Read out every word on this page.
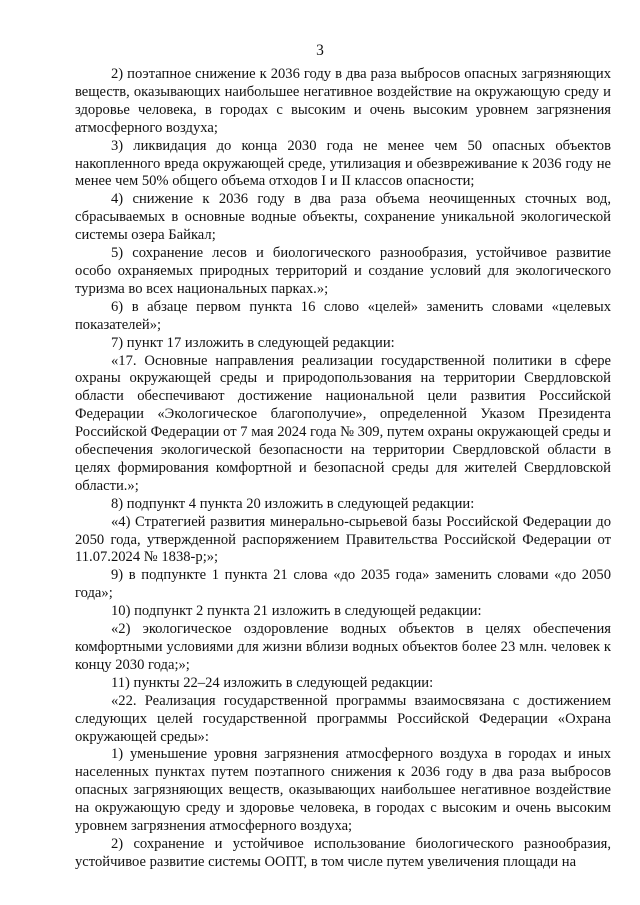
3

2) поэтапное снижение к 2036 году в два раза выбросов опасных загрязняющих веществ, оказывающих наибольшее негативное воздействие на окружающую среду и здоровье человека, в городах с высоким и очень высоким уровнем загрязнения атмосферного воздуха;

3) ликвидация до конца 2030 года не менее чем 50 опасных объектов накопленного вреда окружающей среде, утилизация и обезвреживание к 2036 году не менее чем 50% общего объема отходов I и II классов опасности;

4) снижение к 2036 году в два раза объема неочищенных сточных вод, сбрасываемых в основные водные объекты, сохранение уникальной экологической системы озера Байкал;

5) сохранение лесов и биологического разнообразия, устойчивое развитие особо охраняемых природных территорий и создание условий для экологического туризма во всех национальных парках.»;

6) в абзаце первом пункта 16 слово «целей» заменить словами «целевых показателей»;

7) пункт 17 изложить в следующей редакции:

«17. Основные направления реализации государственной политики в сфере охраны окружающей среды и природопользования на территории Свердловской области обеспечивают достижение национальной цели развития Российской Федерации «Экологическое благополучие», определенной Указом Президента Российской Федерации от 7 мая 2024 года № 309, путем охраны окружающей среды и обеспечения экологической безопасности на территории Свердловской области в целях формирования комфортной и безопасной среды для жителей Свердловской области.»;

8) подпункт 4 пункта 20 изложить в следующей редакции:

«4) Стратегией развития минерально-сырьевой базы Российской Федерации до 2050 года, утвержденной распоряжением Правительства Российской Федерации от 11.07.2024 № 1838-р;»;

9) в подпункте 1 пункта 21 слова «до 2035 года» заменить словами «до 2050 года»;

10) подпункт 2 пункта 21 изложить в следующей редакции:

«2) экологическое оздоровление водных объектов в целях обеспечения комфортными условиями для жизни вблизи водных объектов более 23 млн. человек к концу 2030 года;»;

11) пункты 22–24 изложить в следующей редакции:

«22. Реализация государственной программы взаимосвязана с достижением следующих целей государственной программы Российской Федерации «Охрана окружающей среды»:

1) уменьшение уровня загрязнения атмосферного воздуха в городах и иных населенных пунктах путем поэтапного снижения к 2036 году в два раза выбросов опасных загрязняющих веществ, оказывающих наибольшее негативное воздействие на окружающую среду и здоровье человека, в городах с высоким и очень высоким уровнем загрязнения атмосферного воздуха;

2) сохранение и устойчивое использование биологического разнообразия, устойчивое развитие системы ООПТ, в том числе путем увеличения площади на
